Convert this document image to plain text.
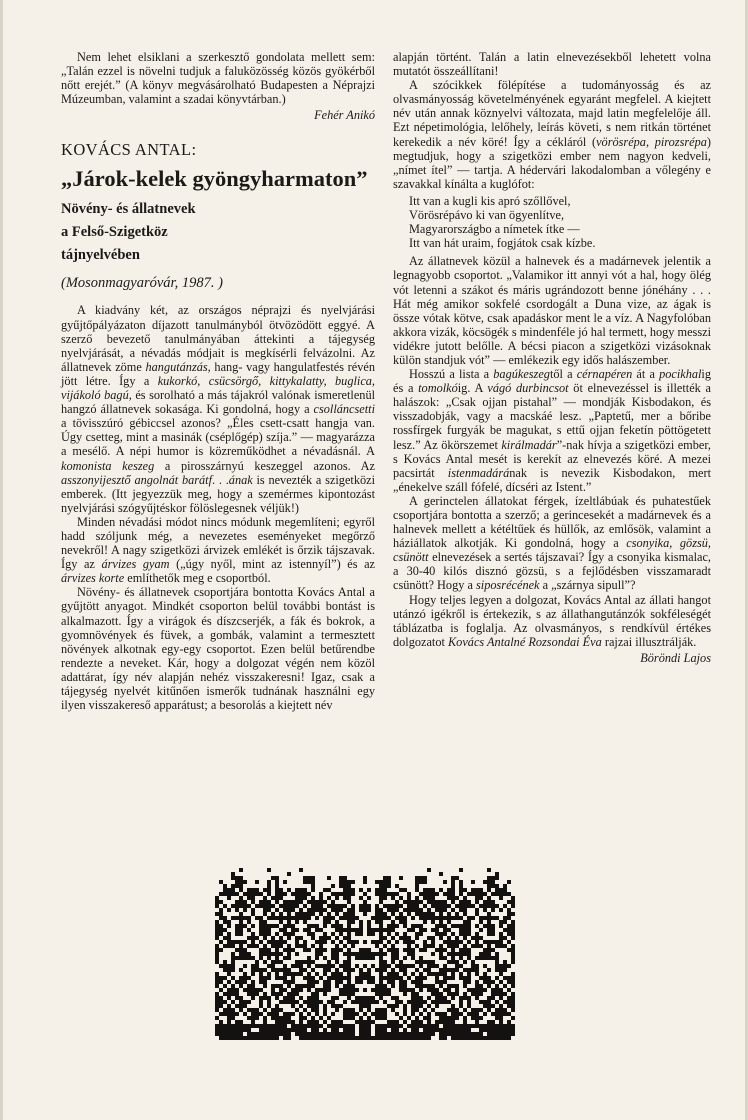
Nem lehet elsiklani a szerkesztő gondolata mellett sem: „Talán ezzel is növelni tudjuk a faluközösség közös gyökérből nőtt erejét.” (A könyv megvásárolható Budapesten a Néprajzi Múzeumban, valamint a szadai könyvtárban.)

Fehér Anikó
KOVÁCS ANTAL:
„Járok-kelek gyöngyharmaton”
Növény- és állatnevek
a Felső-Szigetköz
tájnyelvében
(Mosonmagyaróvár, 1987. )

A kiadvány két, az országos néprajzi és nyelvjárási gyűjtőpályázaton díjazott tanulmányból ötvözödött eggyé. A szerző bevezető tanulmányában áttekinti a tájegység nyelvjárását, a névadás módjait is megkísérli felvázolni. Az állatnevek zöme hangutánzás, hang- vagy hangulatfestés révén jött létre. Így a kukorkó, csücsörgő, kittykalatty, buglica, vijákoló bagú, és sorolható a más tájakról valónak ismeretlenül hangzó állatnevek sokasága. Ki gondolná, hogy a csolláncsetti a tövisszúró gébiccsel azonos? „Éles csett-csatt hangja van. Úgy csetteg, mint a masinák (cséplőgép) szíja.” — magyarázza a mesélő. A népi humor is közreműködhet a névadásnál. A komonista keszeg a pirosszárnyú keszeggel azonos. Az asszonyijesztő angolnát barátf. . .ának is nevezték a szigetközi emberek. (Itt jegyezzük meg, hogy a szemérmes kipontozást nyelvjárási szógyűjtéskor fölöslegesnek véljük!)

Minden névadási módot nincs módunk megemlíteni; egyről hadd szóljunk még, a nevezetes eseményeket megőrző nevekről! A nagy szigetközi árvizek emlékét is őrzik tájszavak. Így az árvizes gyam („úgy nyől, mint az istennyíl”) és az árvizes korte említhetők meg e csoportból.

Növény- és állatnevek csoportjára bontotta Kovács Antal a gyűjtött anyagot. Mindkét csoporton belül további bontást is alkalmazott. Így a virágok és díszcserjék, a fák és bokrok, a gyomnövények és füvek, a gombák, valamint a termesztett növények alkotnak egy-egy csoportot. Ezen belül betűrendbe rendezte a neveket. Kár, hogy a dolgozat végén nem közöl adattárat, így név alapján nehéz visszakeresni! Igaz, csak a tájegység nyelvét kitűnően ismerők tudnának használni egy ilyen visszakereső apparátust; a besorolás a kiejtett név

alapján történt. Talán a latin elnevezésekből lehetett volna mutatót összeállítani!

A szócikkek fölépítése a tudományosság és az olvasmányosság követelményének egyaránt megfelel. A kiejtett név után annak köznyelvi változata, majd latin megfelelője áll. Ezt népetimológia, lelőhely, leírás követi, s nem ritkán történet kerekedik a név köré! Így a cékláról (vörösrépa, pirozsrépa) megtudjuk, hogy a szigetközi ember nem nagyon kedveli, „nímet ítel” — tartja. A hédervári lakodalomban a vőlegény e szavakkal kínálta a kuglófot:

Itt van a kugli kis apró szőllővel,
Vörösrépávo ki van ögyenlítve,
Magyarországbo a nímetek ítke —
Itt van hát uraim, fogjátok csak kízbe.

Az állatnevek közül a halnevek és a madárnevek jelentik a legnagyobb csoportot. „Valamikor itt annyi vót a hal, hogy ölég vót letenni a szákot és máris ugrándozott benne jónéhány . . . Hát még amikor sokfelé csordogált a Duna vize, az ágak is össze vótak kötve, csak apadáskor ment le a víz. A Nagyfolóban akkora vizák, köcsögék s mindenféle jó hal termett, hogy messzi vidékre jutott belőlle. A bécsi piacon a szigetközi vizásoknak külön standjuk vót” — emlékezik egy idős halászember.

Hosszú a lista a bagúkeszegtől a cérnapéren át a pocikhalig és a tomolkóig. A vágó durbincsot öt elnevezéssel is illették a halászok: „Csak ojjan pistahal” — mondják Kisbodakon, és visszadobják, vagy a macskáé lesz. „Paptetű, mer a bőribe rossfírgek furgyák be magukat, s ettű ojjan feketín pöttögetett lesz.” Az ökörszemet királmadár”-nak hívja a szigetközi ember, s Kovács Antal mesét is kerekít az elnevezés köré. A mezei pacsirtát istenmadárának is nevezik Kisbodakon, mert „énekelve száll fófelé, dícséri az Istent.”

A gerinctelen állatokat férgek, ízeltlábúak és puhatestűek csoportjára bontotta a szerző; a gerincesekét a madárnevek és a halnevek mellett a kétéltűek és hüllők, az emlősök, valamint a háziállatok alkotják. Ki gondolná, hogy a csonyika, gözsü, csünött elnevezések a sertés tájszavai? Így a csonyika kismalac, a 30-40 kilós disznó gözsü, s a fejlődésben visszamaradt csünött? Hogy a siposrécének a „szárnya sipull”?

Hogy teljes legyen a dolgozat, Kovács Antal az állati hangot utánzó igékről is értekezik, s az állathangutánzók sokféleségét táblázatba is foglalja. Az olvasmányos, s rendkívül értékes dolgozatot Kovács Antalné Rozsondai Éva rajzai illusztrálják.

Böröndi Lajos
